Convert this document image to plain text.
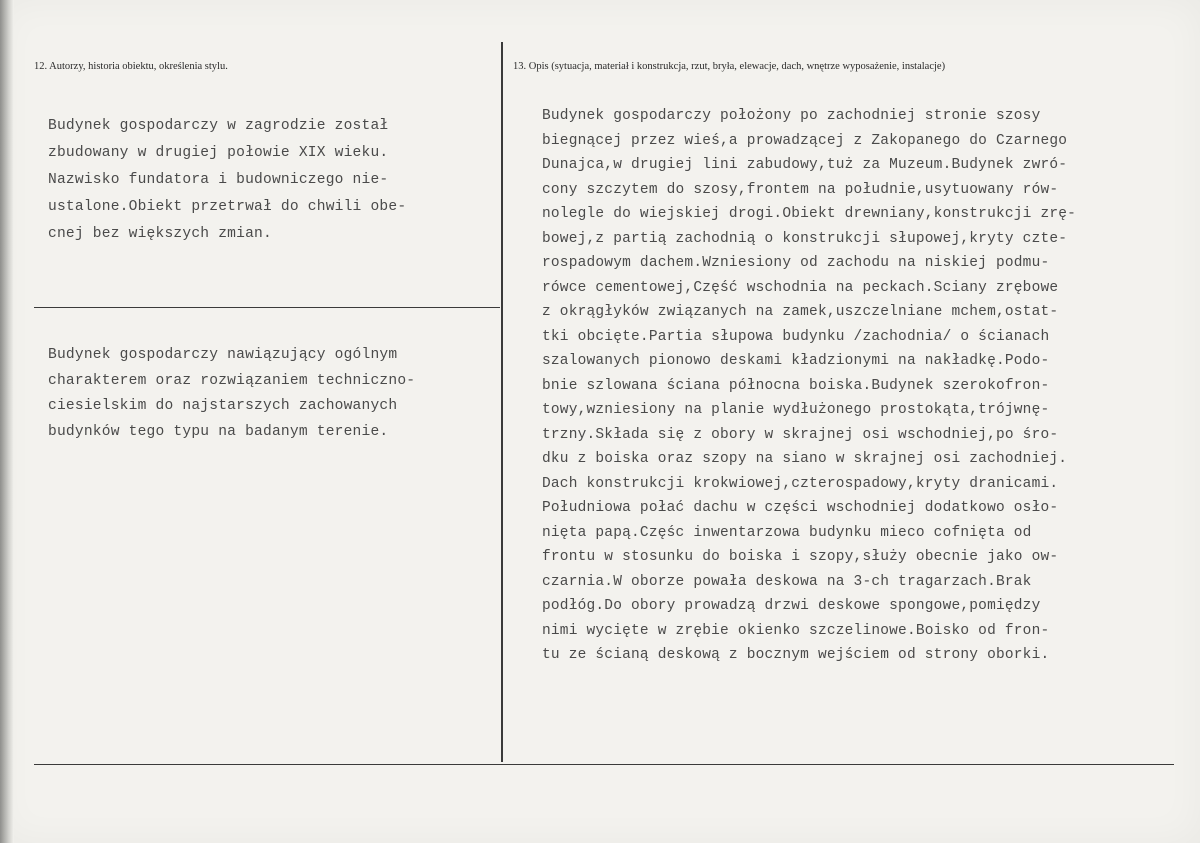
12. Autorzy, historia obiektu, określenia stylu.	13. Opis (sytuacja, materiał i konstrukcja, rzut, bryła, elewacje, dach, wnętrze wyposażenie, instalacje)

Budynek gospodarczy w zagrodzie został
zbudowany w drugiej połowie XIX wieku.
Nazwisko fundatora i budowniczego nie-
ustalone.Obiekt przetrwał do chwili obe-
cnej bez większych zmian.

Budynek gospodarczy nawiązujący ogólnym
charakterem oraz rozwiązaniem techniczno-
ciesielskim do najstarszych zachowanych
budynków tego typu na badanym terenie.

Budynek gospodarczy położony po zachodniej stronie szosy
biegnącej przez wieś,a prowadzącej z Zakopanego do Czarnego
Dunajca,w drugiej lini zabudowy,tuż za Muzeum.Budynek zwró-
cony szczytem do szosy,frontem na południe,usytuowany rów-
nolegle do wiejskiej drogi.Obiekt drewniany,konstrukcji zrę-
bowej,z partią zachodnią o konstrukcji słupowej,kryty czte-
rospadowym dachem.Wzniesiony od zachodu na niskiej podmu-
rówce cementowej,Część wschodnia na peckach.Sciany zrębowe
z okrągłyków związanych na zamek,uszczelniane mchem,ostat-
tki obcięte.Partia słupowa budynku /zachodnia/ o ścianach
szalowanych pionowo deskami kładzionymi na nakładkę.Podo-
bnie szlowana ściana północna boiska.Budynek szerokofron-
towy,wzniesiony na planie wydłużonego prostokąta,trójwnę-
trzny.Składa się z obory w skrajnej osi wschodniej,po śro-
dku z boiska oraz szopy na siano w skrajnej osi zachodniej.
Dach konstrukcji krokwiowej,czterospadowy,kryty dranicami.
Południowa połać dachu w części wschodniej dodatkowo osło-
nięta papą.Częśc inwentarzowa budynku mieco cofnięta od
frontu w stosunku do boiska i szopy,służy obecnie jako ow-
czarnia.W oborze powała deskowa na 3-ch tragarzach.Brak
podłóg.Do obory prowadzą drzwi deskowe spongowe,pomiędzy
nimi wycięte w zrębie okienko szczelinowe.Boisko od fron-
tu ze ścianą deskową z bocznym wejściem od strony oborki.
